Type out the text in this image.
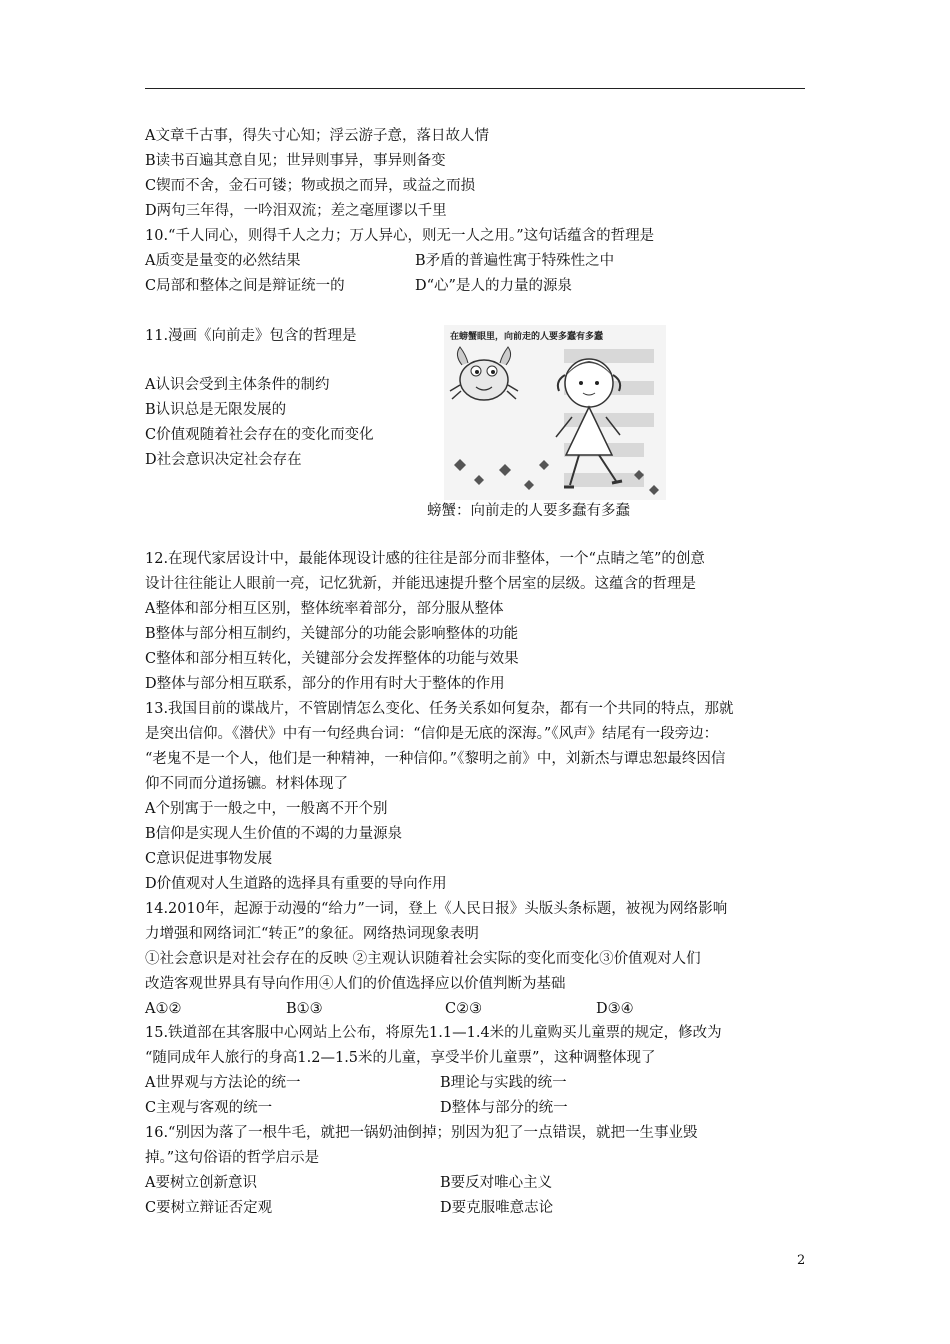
A文章千古事，得失寸心知；浮云游子意，落日故人情
B读书百遍其意自见；世异则事异，事异则备变
C锲而不舍，金石可镂；物或损之而异，或益之而损
D两句三年得，一吟泪双流；差之毫厘谬以千里
10.“千人同心，则得千人之力；万人异心，则无一人之用。”这句话蕴含的哲理是
A质变是量变的必然结果	B矛盾的普遍性寓于特殊性之中
C局部和整体之间是辩证统一的	D“心”是人的力量的源泉
11.漫画《向前走》包含的哲理是
A认识会受到主体条件的制约
B认识总是无限发展的
C价值观随着社会存在的变化而变化
D社会意识决定社会存在
在螃蟹眼里，向前走的人要多蠢有多蠢
螃蟹：向前走的人要多蠢有多蠢
12.在现代家居设计中，最能体现设计感的往往是部分而非整体，一个“点睛之笔”的创意
设计往往能让人眼前一亮，记忆犹新，并能迅速提升整个居室的层级。这蕴含的哲理是
A整体和部分相互区别，整体统率着部分，部分服从整体
B整体与部分相互制约，关键部分的功能会影响整体的功能
C整体和部分相互转化，关键部分会发挥整体的功能与效果
D整体与部分相互联系，部分的作用有时大于整体的作用
13.我国目前的谍战片，不管剧情怎么变化、任务关系如何复杂，都有一个共同的特点，那就
是突出信仰。《潜伏》中有一句经典台词：“信仰是无底的深海。”《风声》结尾有一段旁边：
“老鬼不是一个人，他们是一种精神，一种信仰。”《黎明之前》中，刘新杰与谭忠恕最终因信
仰不同而分道扬镳。材料体现了
A个别寓于一般之中，一般离不开个别
B信仰是实现人生价值的不竭的力量源泉
C意识促进事物发展
D价值观对人生道路的选择具有重要的导向作用
14.2010年，起源于动漫的“给力”一词，登上《人民日报》头版头条标题，被视为网络影响
力增强和网络词汇“转正”的象征。网络热词现象表明
①社会意识是对社会存在的反映 ②主观认识随着社会实际的变化而变化③价值观对人们
改造客观世界具有导向作用④人们的价值选择应以价值判断为基础
A①②	B①③	C②③	D③④
15.铁道部在其客服中心网站上公布，将原先1.1—1.4米的儿童购买儿童票的规定，修改为
“随同成年人旅行的身高1.2—1.5米的儿童，享受半价儿童票”，这种调整体现了
A世界观与方法论的统一	B理论与实践的统一
C主观与客观的统一	D整体与部分的统一
16.“别因为落了一根牛毛，就把一锅奶油倒掉；别因为犯了一点错误，就把一生事业毁
掉。”这句俗语的哲学启示是
A要树立创新意识	B要反对唯心主义
C要树立辩证否定观	D要克服唯意志论
2
